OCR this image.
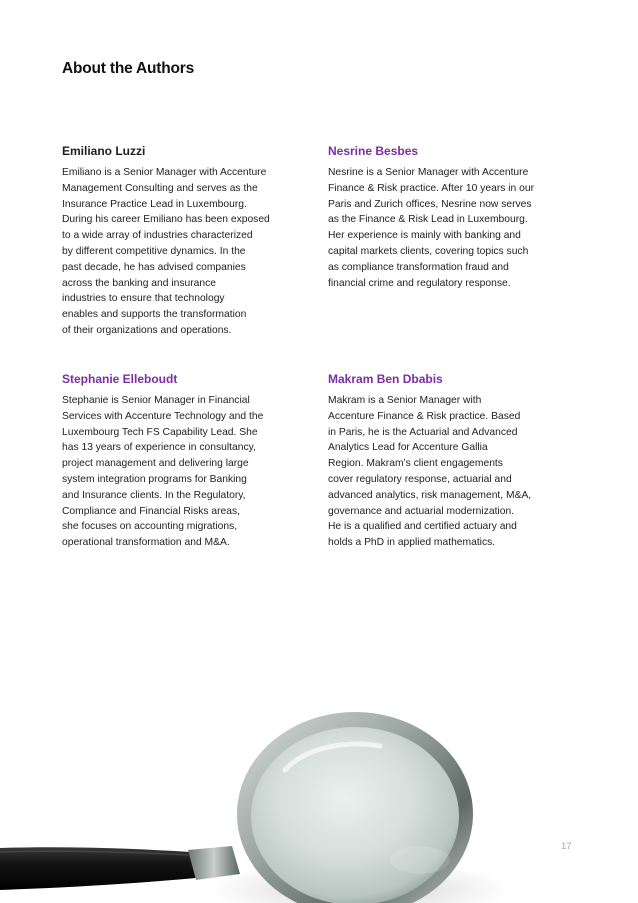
About the Authors
Emiliano Luzzi
Emiliano is a Senior Manager with Accenture
Management Consulting and serves as the
Insurance Practice Lead in Luxembourg.
During his career Emiliano has been exposed
to a wide array of industries characterized
by different competitive dynamics. In the
past decade, he has advised companies
across the banking and insurance
industries to ensure that technology
enables and supports the transformation
of their organizations and operations.
Nesrine Besbes
Nesrine is a Senior Manager with Accenture
Finance & Risk practice. After 10 years in our
Paris and Zurich offices, Nesrine now serves
as the Finance & Risk Lead in Luxembourg.
Her experience is mainly with banking and
capital markets clients, covering topics such
as compliance transformation fraud and
financial crime and regulatory response.
Stephanie Elleboudt
Stephanie is Senior Manager in Financial
Services with Accenture Technology and the
Luxembourg Tech FS Capability Lead. She
has 13 years of experience in consultancy,
project management and delivering large
system integration programs for Banking
and Insurance clients. In the Regulatory,
Compliance and Financial Risks areas,
she focuses on accounting migrations,
operational transformation and M&A.
Makram Ben Dbabis
Makram is a Senior Manager with
Accenture Finance & Risk practice. Based
in Paris, he is the Actuarial and Advanced
Analytics Lead for Accenture Gallia
Region. Makram’s client engagements
cover regulatory response, actuarial and
advanced analytics, risk management, M&A,
governance and actuarial modernization.
He is a qualified and certified actuary and
holds a PhD in applied mathematics.
17
